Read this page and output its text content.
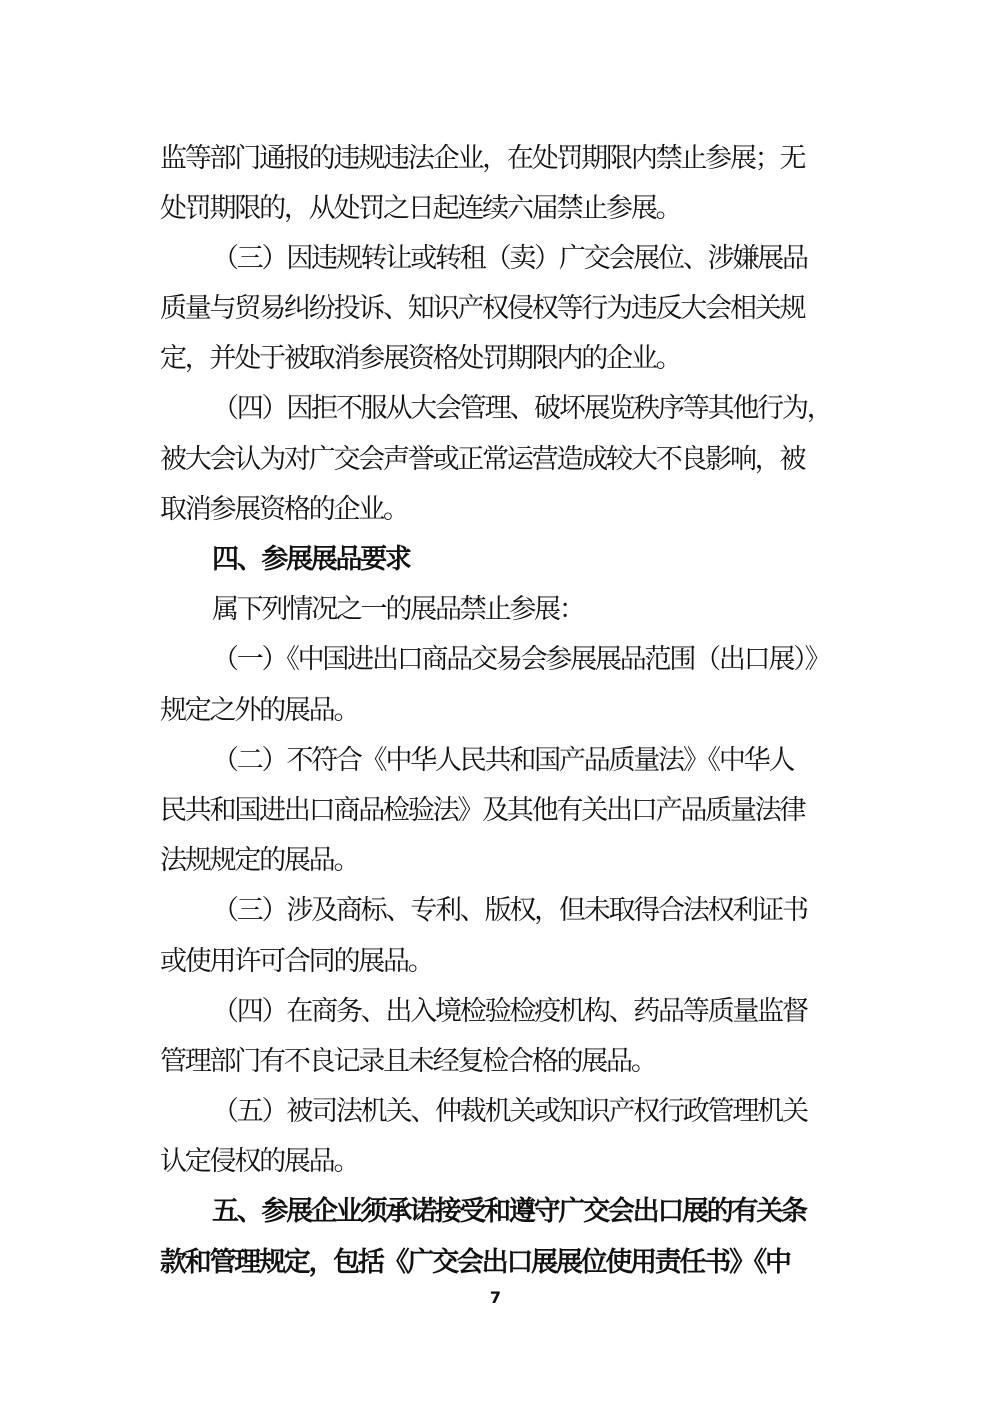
监等部门通报的违规违法企业，在处罚期限内禁止参展；无
处罚期限的，从处罚之日起连续六届禁止参展。
（三）因违规转让或转租（卖）广交会展位、涉嫌展品
质量与贸易纠纷投诉、知识产权侵权等行为违反大会相关规
定，并处于被取消参展资格处罚期限内的企业。
（四）因拒不服从大会管理、破坏展览秩序等其他行为，
被大会认为对广交会声誉或正常运营造成较大不良影响，被
取消参展资格的企业。
四、参展展品要求
属下列情况之一的展品禁止参展：
（一）《中国进出口商品交易会参展展品范围（出口展）》
规定之外的展品。
（二）不符合《中华人民共和国产品质量法》《中华人
民共和国进出口商品检验法》及其他有关出口产品质量法律
法规规定的展品。
（三）涉及商标、专利、版权，但未取得合法权利证书
或使用许可合同的展品。
（四）在商务、出入境检验检疫机构、药品等质量监督
管理部门有不良记录且未经复检合格的展品。
（五）被司法机关、仲裁机关或知识产权行政管理机关
认定侵权的展品。
五、参展企业须承诺接受和遵守广交会出口展的有关条
款和管理规定，包括《广交会出口展展位使用责任书》《中
7
